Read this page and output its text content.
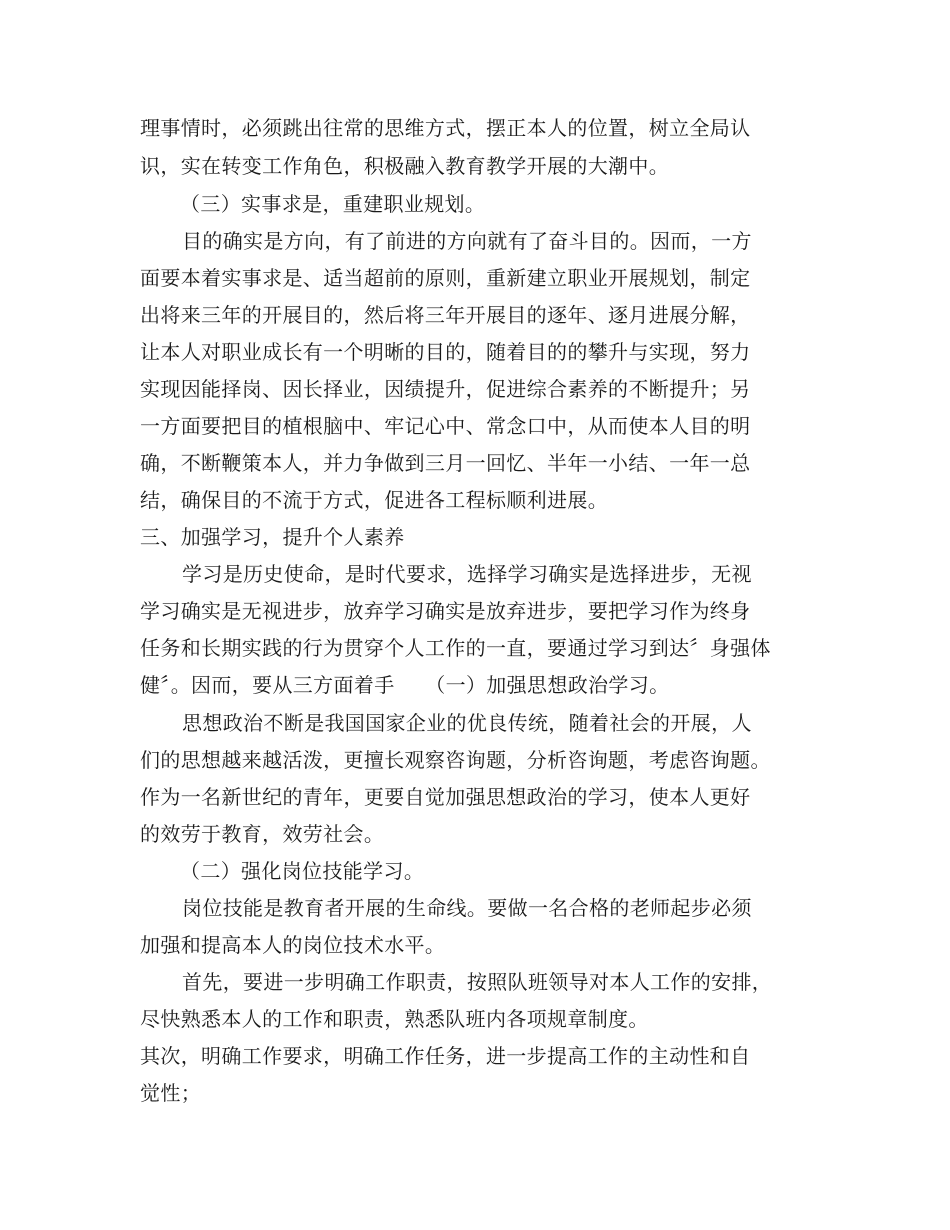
理事情时，必须跳出往常的思维方式，摆正本人的位置，树立全局认
识，实在转变工作角色，积极融入教育教学开展的大潮中。
（三）实事求是，重建职业规划。
目的确实是方向，有了前进的方向就有了奋斗目的。因而，一方
面要本着实事求是、适当超前的原则，重新建立职业开展规划，制定
出将来三年的开展目的，然后将三年开展目的逐年、逐月进展分解，
让本人对职业成长有一个明晰的目的，随着目的的攀升与实现，努力
实现因能择岗、因长择业，因绩提升，促进综合素养的不断提升；另
一方面要把目的植根脑中、牢记心中、常念口中，从而使本人目的明
确，不断鞭策本人，并力争做到三月一回忆、半年一小结、一年一总
结，确保目的不流于方式，促进各工程标顺利进展。
三、加强学习，提升个人素养
学习是历史使命，是时代要求，选择学习确实是选择进步，无视
学习确实是无视进步，放弃学习确实是放弃进步，要把学习作为终身
任务和长期实践的行为贯穿个人工作的一直，要通过学习到达〞身强体
健〞。因而，要从三方面着手　　（一）加强思想政治学习。
思想政治不断是我国国家企业的优良传统，随着社会的开展，人
们的思想越来越活泼，更擅长观察咨询题，分析咨询题，考虑咨询题。
作为一名新世纪的青年，更要自觉加强思想政治的学习，使本人更好
的效劳于教育，效劳社会。
（二）强化岗位技能学习。
岗位技能是教育者开展的生命线。要做一名合格的老师起步必须
加强和提高本人的岗位技术水平。
首先，要进一步明确工作职责，按照队班领导对本人工作的安排，
尽快熟悉本人的工作和职责，熟悉队班内各项规章制度。
其次，明确工作要求，明确工作任务，进一步提高工作的主动性和自
觉性；
